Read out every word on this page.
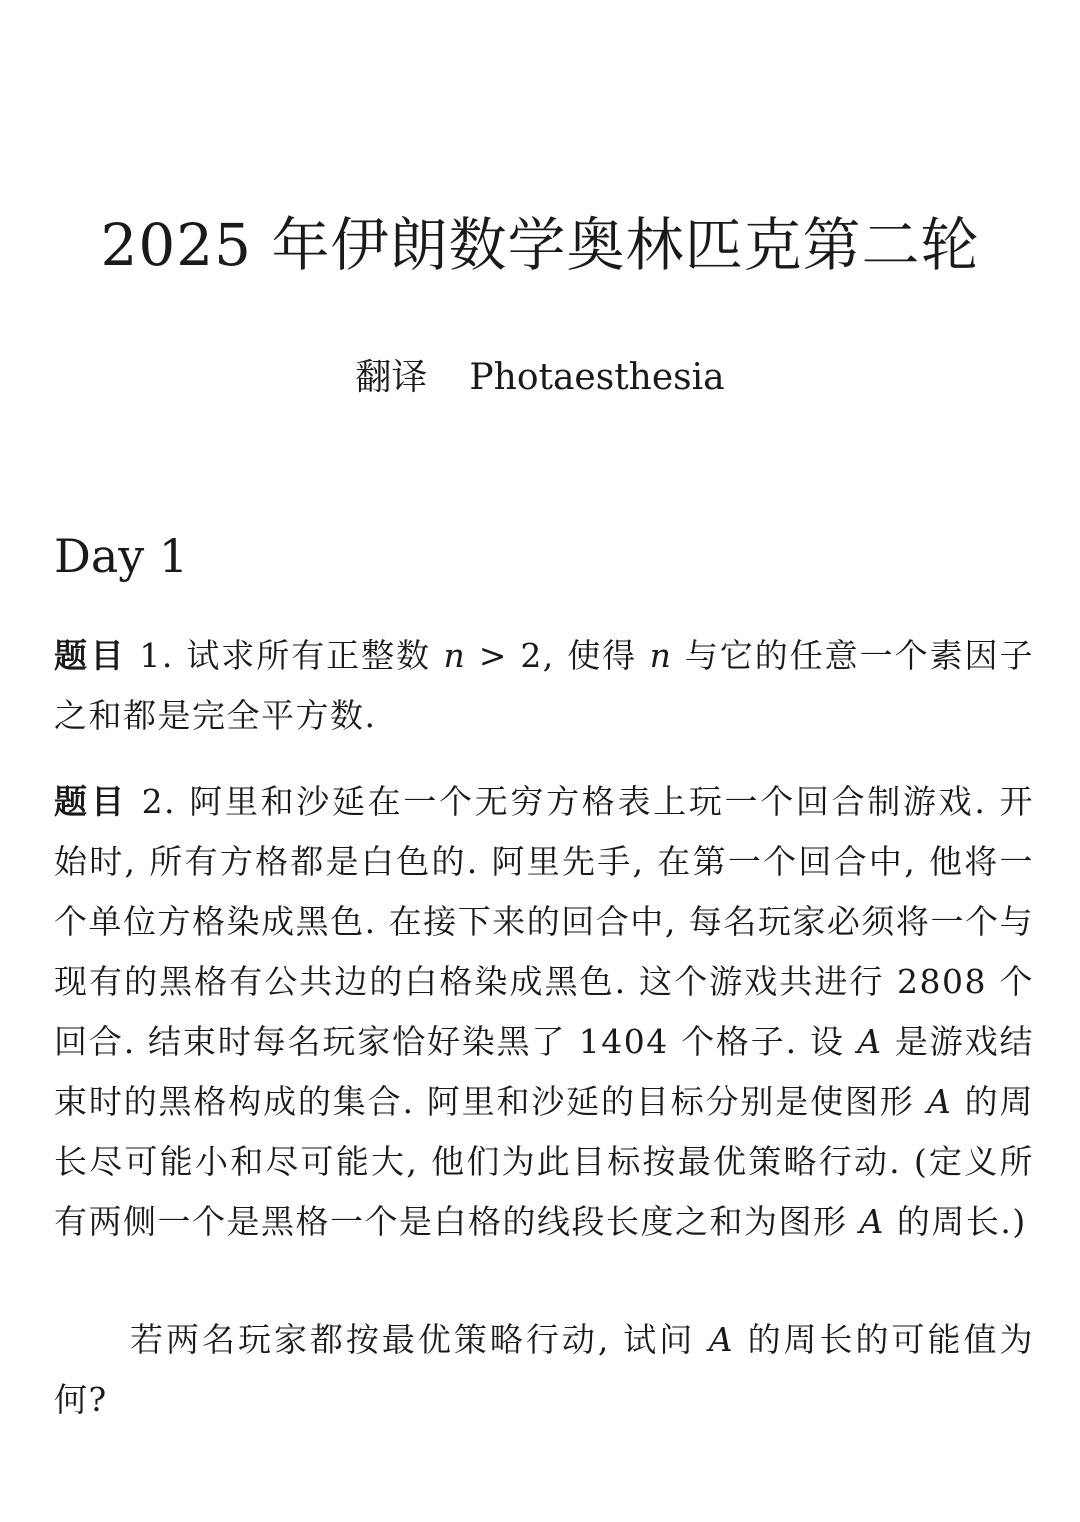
2025 年伊朗数学奥林匹克第二轮

翻译 Photaesthesia

Day 1

题目 1. 试求所有正整数 n > 2, 使得 n 与它的任意一个素因子之和都是完全平方数.

题目 2. 阿里和沙延在一个无穷方格表上玩一个回合制游戏. 开始时, 所有方格都是白色的. 阿里先手, 在第一个回合中, 他将一个单位方格染成黑色. 在接下来的回合中, 每名玩家必须将一个与现有的黑格有公共边的白格染成黑色. 这个游戏共进行 2808 个回合. 结束时每名玩家恰好染黑了 1404 个格子. 设 A 是游戏结束时的黑格构成的集合. 阿里和沙延的目标分别是使图形 A 的周长尽可能小和尽可能大, 他们为此目标按最优策略行动. (定义所有两侧一个是黑格一个是白格的线段长度之和为图形 A 的周长.)

若两名玩家都按最优策略行动, 试问 A 的周长的可能值为何?
